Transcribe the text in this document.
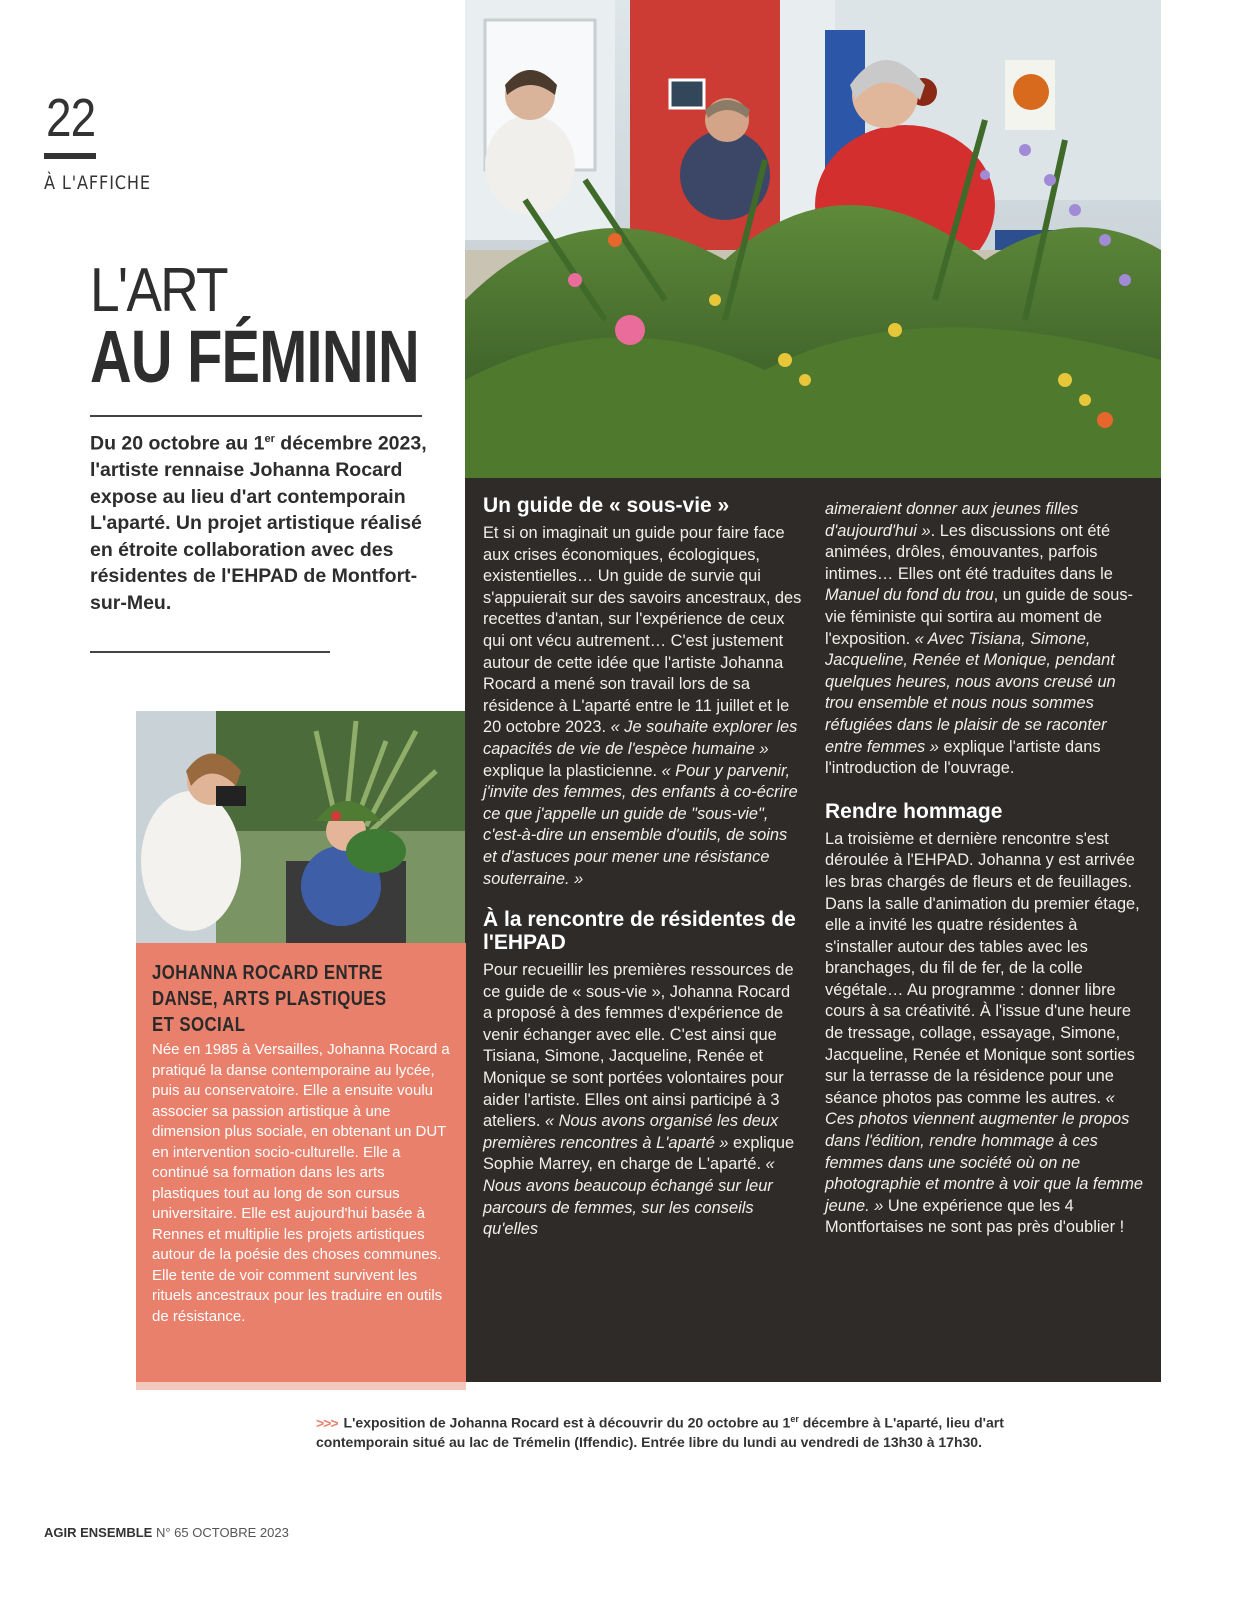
22
À L'AFFICHE
L'ART
AU FÉMININ
Du 20 octobre au 1er décembre 2023, l'artiste rennaise Johanna Rocard expose au lieu d'art contemporain L'aparté. Un projet artistique réalisé en étroite collaboration avec des résidentes de l'EHPAD de Montfort-sur-Meu.
Un guide de « sous-vie »

Et si on imaginait un guide pour faire face aux crises économiques, écologiques, existentielles… Un guide de survie qui s'appuierait sur des savoirs ancestraux, des recettes d'antan, sur l'expérience de ceux qui ont vécu autrement… C'est justement autour de cette idée que l'artiste Johanna Rocard a mené son travail lors de sa résidence à L'aparté entre le 11 juillet et le 20 octobre 2023. « Je souhaite explorer les capacités de vie de l'espèce humaine » explique la plasticienne. « Pour y parvenir, j'invite des femmes, des enfants à co-écrire ce que j'appelle un guide de "sous-vie", c'est-à-dire un ensemble d'outils, de soins et d'astuces pour mener une résistance souterraine. »

À la rencontre de résidentes de l'EHPAD

Pour recueillir les premières ressources de ce guide de « sous-vie », Johanna Rocard a proposé à des femmes d'expérience de venir échanger avec elle. C'est ainsi que Tisiana, Simone, Jacqueline, Renée et Monique se sont portées volontaires pour aider l'artiste. Elles ont ainsi participé à 3 ateliers. « Nous avons organisé les deux premières rencontres à L'aparté » explique Sophie Marrey, en charge de L'aparté. « Nous avons beaucoup échangé sur leur parcours de femmes, sur les conseils qu'elles

aimeraient donner aux jeunes filles d'aujourd'hui ». Les discussions ont été animées, drôles, émouvantes, parfois intimes… Elles ont été traduites dans le Manuel du fond du trou, un guide de sous-vie féministe qui sortira au moment de l'exposition. « Avec Tisiana, Simone, Jacqueline, Renée et Monique, pendant quelques heures, nous avons creusé un trou ensemble et nous nous sommes réfugiées dans le plaisir de se raconter entre femmes » explique l'artiste dans l'introduction de l'ouvrage.

Rendre hommage

La troisième et dernière rencontre s'est déroulée à l'EHPAD. Johanna y est arrivée les bras chargés de fleurs et de feuillages. Dans la salle d'animation du premier étage, elle a invité les quatre résidentes à s'installer autour des tables avec les branchages, du fil de fer, de la colle végétale… Au programme : donner libre cours à sa créativité. À l'issue d'une heure de tressage, collage, essayage, Simone, Jacqueline, Renée et Monique sont sorties sur la terrasse de la résidence pour une séance photos pas comme les autres. « Ces photos viennent augmenter le propos dans l'édition, rendre hommage à ces femmes dans une société où on ne photographie et montre à voir que la femme jeune. » Une expérience que les 4 Montfortaises ne sont pas près d'oublier !

JOHANNA ROCARD ENTRE DANSE, ARTS PLASTIQUES ET SOCIAL
Née en 1985 à Versailles, Johanna Rocard a pratiqué la danse contemporaine au lycée, puis au conservatoire. Elle a ensuite voulu associer sa passion artistique à une dimension plus sociale, en obtenant un DUT en intervention socio-culturelle. Elle a continué sa formation dans les arts plastiques tout au long de son cursus universitaire. Elle est aujourd'hui basée à Rennes et multiplie les projets artistiques autour de la poésie des choses communes. Elle tente de voir comment survivent les rituels ancestraux pour les traduire en outils de résistance.
>>> L'exposition de Johanna Rocard est à découvrir du 20 octobre au 1er décembre à L'aparté, lieu d'art contemporain situé au lac de Trémelin (Iffendic). Entrée libre du lundi au vendredi de 13h30 à 17h30.
AGIR ENSEMBLE N° 65 OCTOBRE 2023
